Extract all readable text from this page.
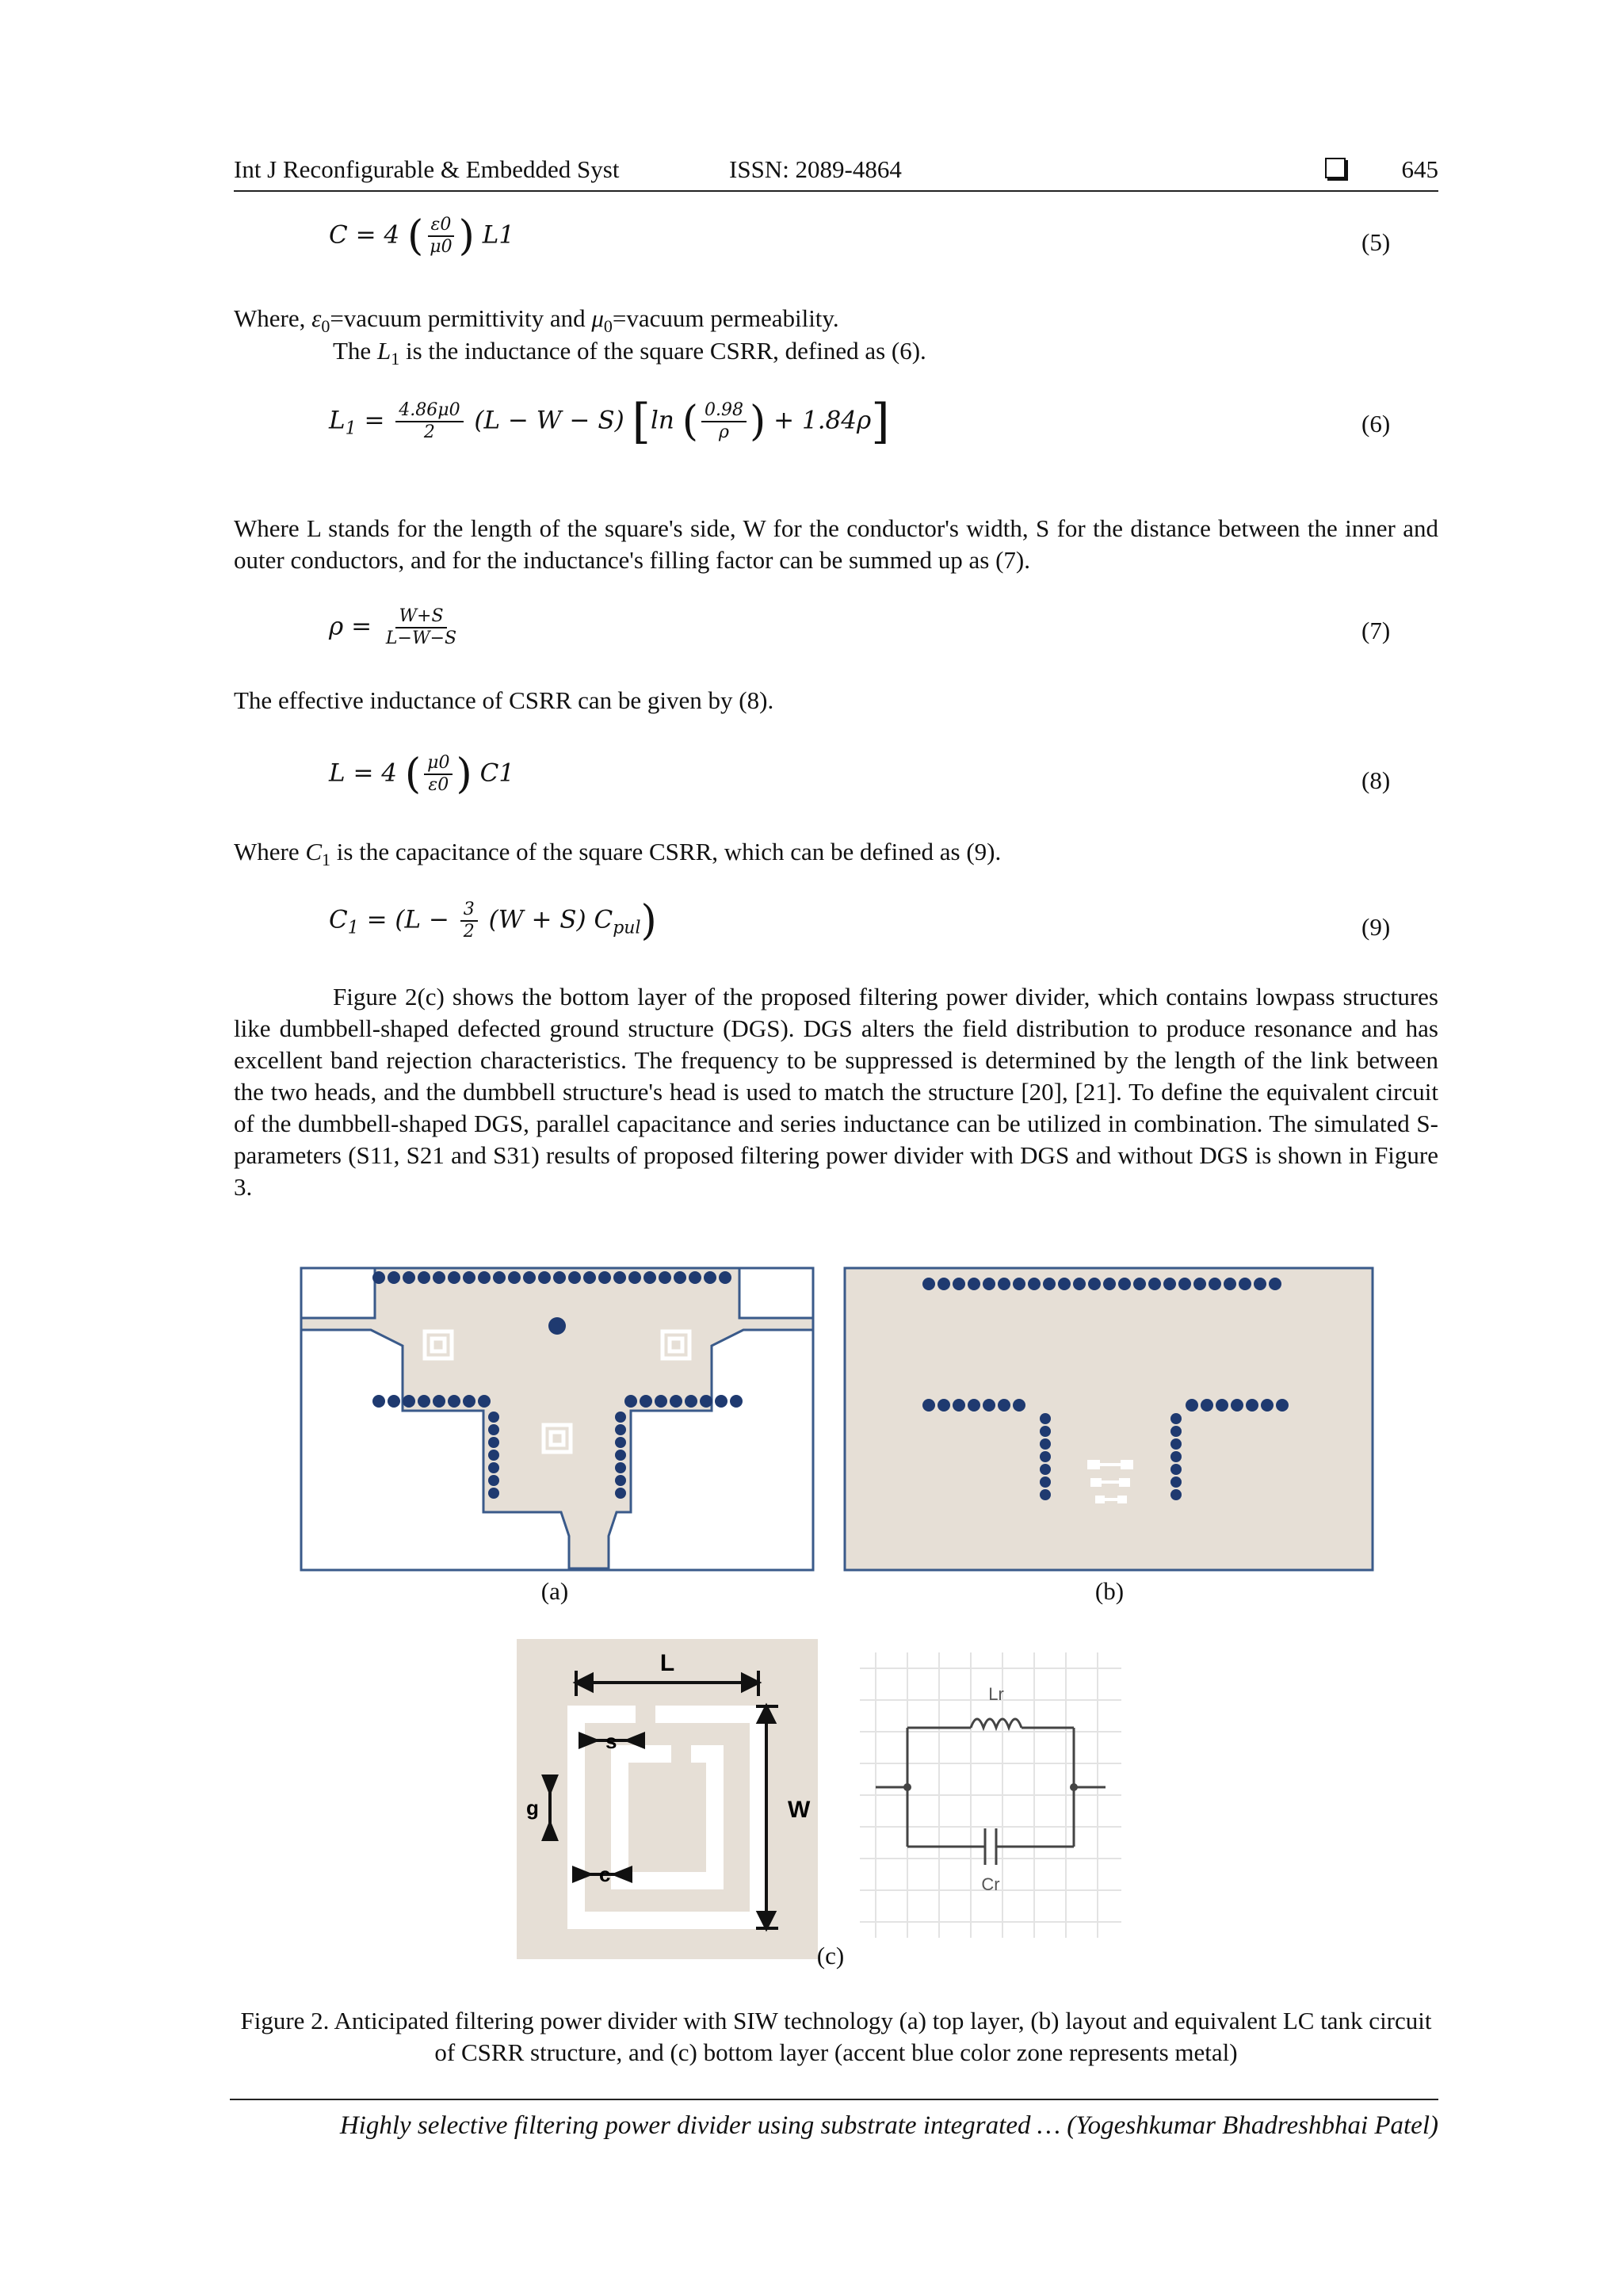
Int J Reconfigurable & Embedded Syst	ISSN: 2089-4864	645
C = 4 ( $\frac{\varepsilon 0}{\mu 0}$ ) L1	(5)
Where, $\varepsilon_0=vacuum$ permittivity and $\mu_0=vacuum$ permeability.
The $L_1$ is the inductance of the square CSRR, defined as (6).
$L_1 = \frac{4.86\mu 0}{2} (L - W - S)$ [ln ( $\frac{0.98}{\rho}$ ) + 1.84ρ]	(6)
Where L stands for the length of the square's side, W for the conductor's width, S for the distance between the inner and outer conductors, and for the inductance's filling factor can be summed up as (7).
$\rho = \frac{W+S}{L-W-S}$	(7)
The effective inductance of CSRR can be given by (8).
L = 4 ( $\frac{\mu 0}{\varepsilon 0}$ ) C1	(8)
Where $C_1$ is the capacitance of the square CSRR, which can be defined as (9).
$C_1 = (L - \frac{3}{2} (W + S)$ $C_{pul}$)	(9)
Figure 2(c) shows the bottom layer of the proposed filtering power divider, which contains lowpass structures like dumbbell-shaped defected ground structure (DGS). DGS alters the field distribution to produce resonance and has excellent band rejection characteristics. The frequency to be suppressed is determined by the length of the link between the two heads, and the dumbbell structure's head is used to match the structure [20], [21]. To define the equivalent circuit of the dumbbell-shaped DGS, parallel capacitance and series inductance can be utilized in combination. The simulated S-parameters (S11, S21 and S31) results of proposed filtering power divider with DGS and without DGS is shown in Figure 3.
(a)	(b)
L
W
s
g
c
Lr
Cr
(c)
Figure 2. Anticipated filtering power divider with SIW technology (a) top layer, (b) layout and equivalent LC tank circuit of CSRR structure, and (c) bottom layer (accent blue color zone represents metal)
Highly selective filtering power divider using substrate integrated … (Yogeshkumar Bhadreshbhai Patel)
